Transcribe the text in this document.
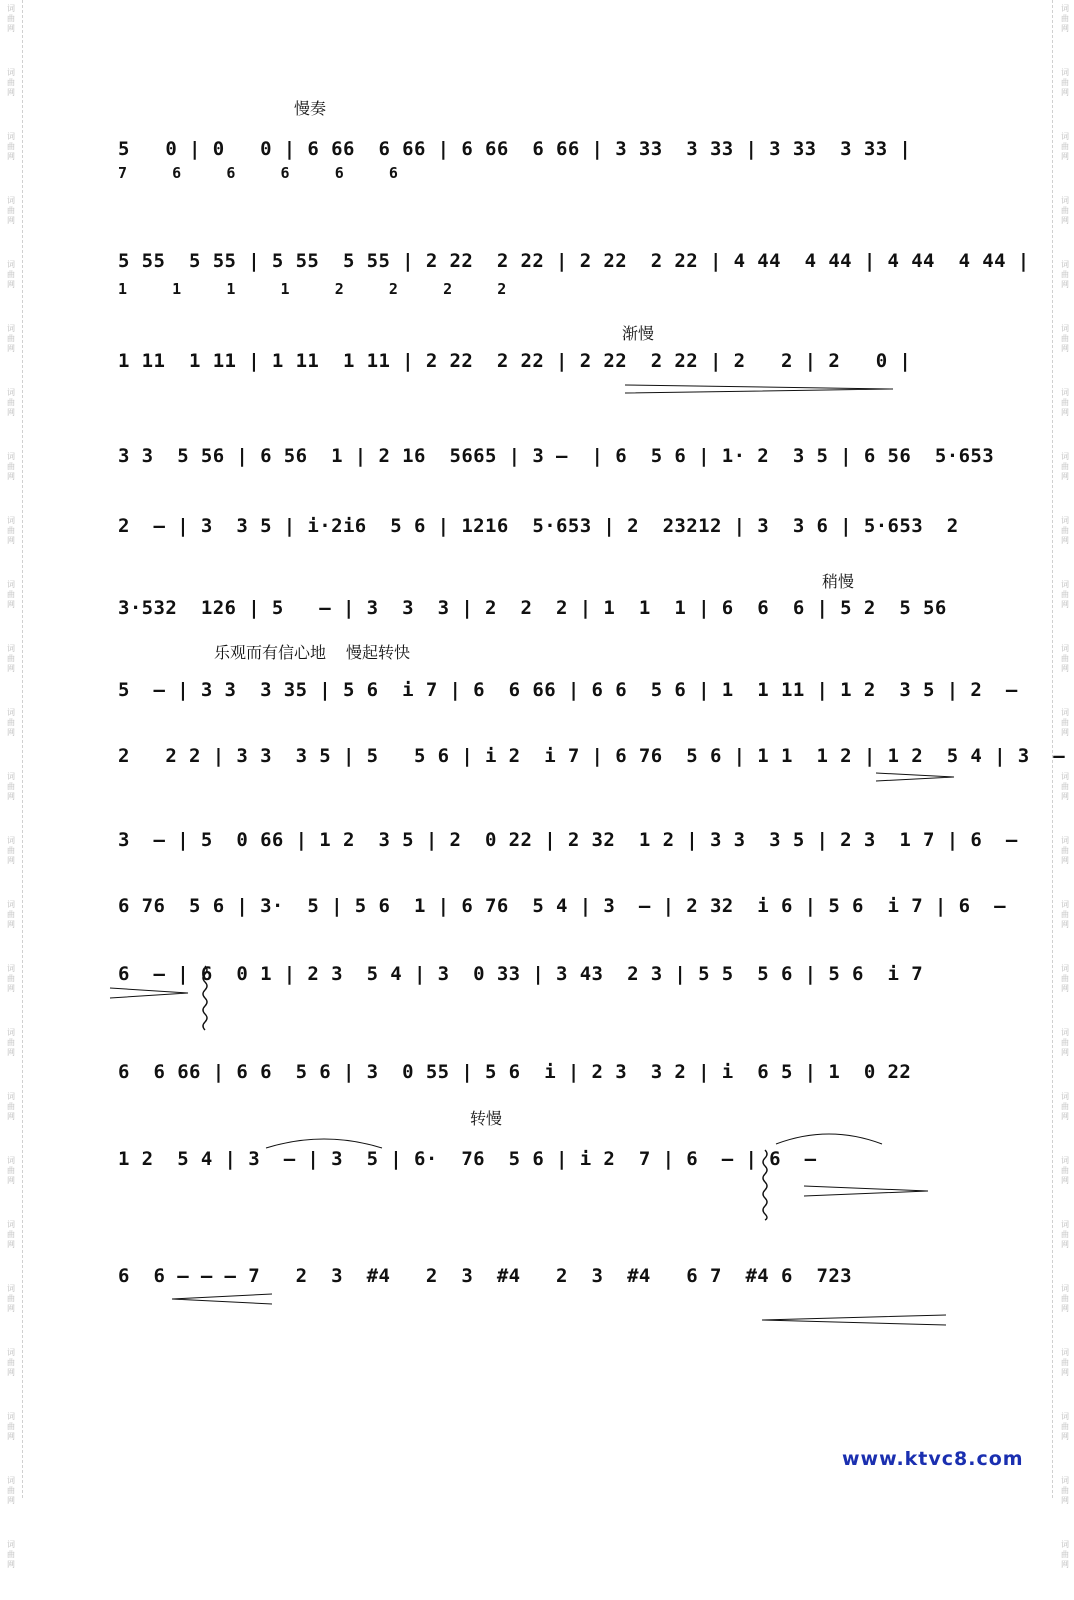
词
曲
网
词
曲
网
词
曲
网
词
曲
网
词
曲
网
词
曲
网
词
曲
网
词
曲
网
词
曲
网
词
曲
网
词
曲
网
词
曲
网
词
曲
网
词
曲
网
词
曲
网
词
曲
网
词
曲
网
词
曲
网
词
曲
网
词
曲
网
词
曲
网
词
曲
网
词
曲
网
词
曲
网
词
曲
网
词
曲
网
词
曲
网
词
曲
网
词
曲
网
词
曲
网
词
曲
网
词
曲
网
词
曲
网
词
曲
网
词
曲
网
词
曲
网
词
曲
网
词
曲
网
词
曲
网
词
曲
网
词
曲
网
词
曲
网
词
曲
网
词
曲
网
词
曲
网
词
曲
网
词
曲
网
词
曲
网
词
曲
网
词
曲
网
慢奏
渐慢
稍慢
乐观而有信心地 慢起转快
转慢
5   0 | 0   0 | 6 66  6 66 | 6 66  6 66 | 3 33  3 33 | 3 33  3 33 |
7     6     6     6     6     6
5 55  5 55 | 5 55  5 55 | 2 22  2 22 | 2 22  2 22 | 4 44  4 44 | 4 44  4 44 |
1     1     1     1     2     2     2     2
1 11  1 11 | 1 11  1 11 | 2 22  2 22 | 2 22  2 22 | 2   2 | 2   0 |
3 3  5 56 | 6 56  1 | 2 16  5665 | 3 –  | 6  5 6 | 1· 2  3 5 | 6 56  5·653
2  – | 3  3 5 | i·2i6  5 6 | 1216  5·653 | 2  23212 | 3  3 6 | 5·653  2
3·532  126 | 5   – | 3  3  3 | 2  2  2 | 1  1  1 | 6  6  6 | 5 2  5 56
5  – | 3 3  3 35 | 5 6  i 7 | 6  6 66 | 6 6  5 6 | 1  1 11 | 1 2  3 5 | 2  –
2   2 2 | 3 3  3 5 | 5   5 6 | i 2  i 7 | 6 76  5 6 | 1 1  1 2 | 1 2  5 4 | 3  –
3  – | 5  0 66 | 1 2  3 5 | 2  0 22 | 2 32  1 2 | 3 3  3 5 | 2 3  1 7 | 6  –
6 76  5 6 | 3·  5 | 5 6  1 | 6 76  5 4 | 3  – | 2 32  i 6 | 5 6  i 7 | 6  –
6  – | 6  0 1 | 2 3  5 4 | 3  0 33 | 3 43  2 3 | 5 5  5 6 | 5 6  i 7
6  6 66 | 6 6  5 6 | 3  0 55 | 5 6  i | 2 3  3 2 | i  6 5 | 1  0 22
1 2  5 4 | 3  – | 3  5 | 6·  76  5 6 | i 2  7 | 6  – | 6  –
6  6 – – – 7   2  3  #4   2  3  #4   2  3  #4   6 7  #4 6  723
www.ktvc8.com
